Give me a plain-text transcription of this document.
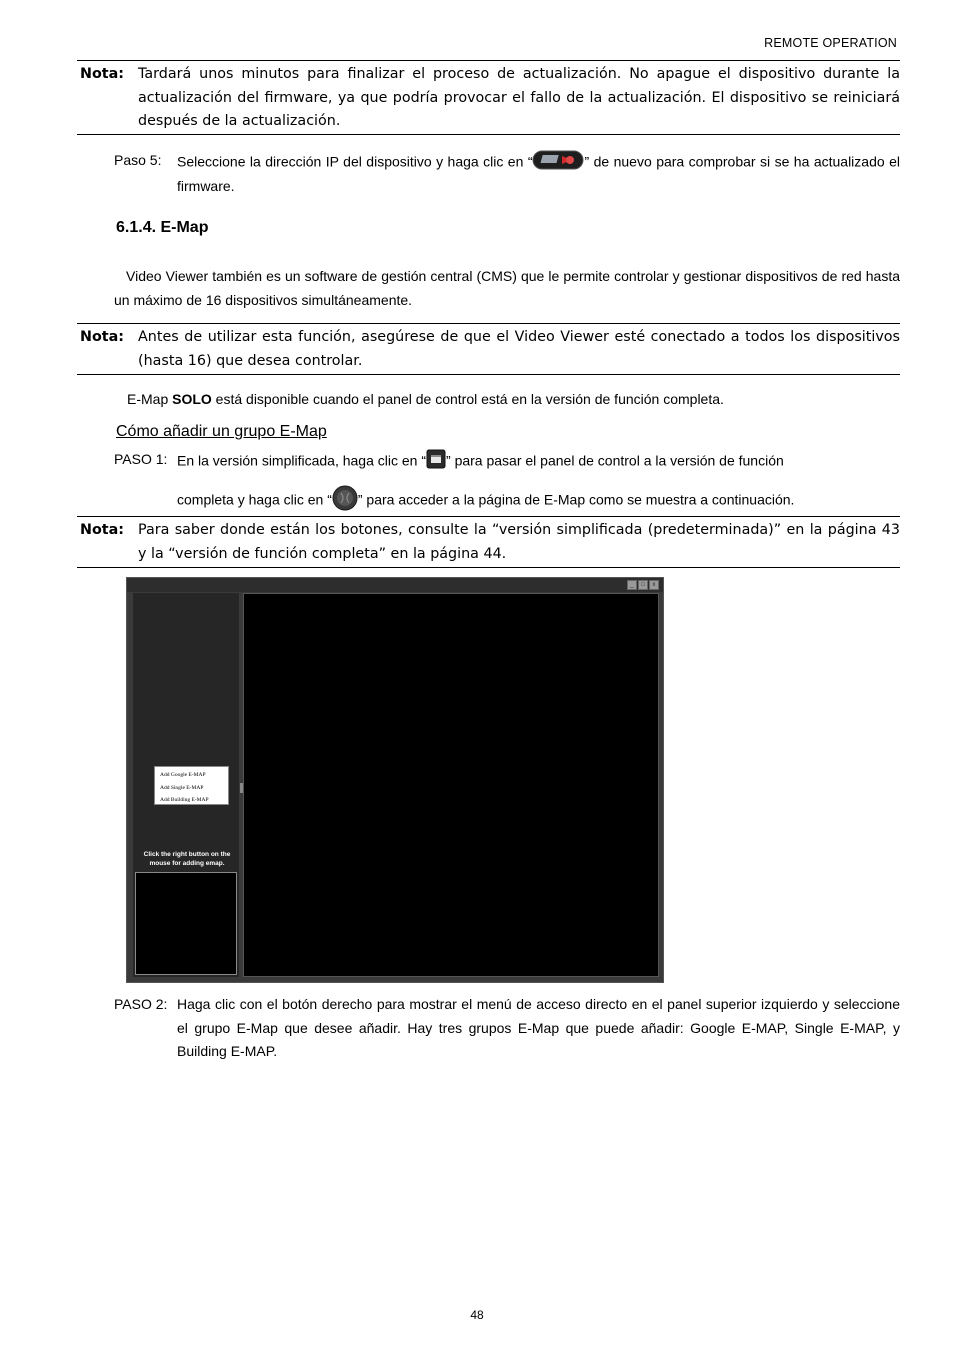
REMOTE OPERATION
Nota: Tardará unos minutos para finalizar el proceso de actualización. No apague el dispositivo durante la actualización del firmware, ya que podría provocar el fallo de la actualización. El dispositivo se reiniciará después de la actualización.
Paso 5: Seleccione la dirección IP del dispositivo y haga clic en “	” de nuevo para comprobar si se ha actualizado el firmware.
6.1.4. E-Map
Video Viewer también es un software de gestión central (CMS) que le permite controlar y gestionar dispositivos de red hasta un máximo de 16 dispositivos simultáneamente.
Nota: Antes de utilizar esta función, asegúrese de que el Video Viewer esté conectado a todos los dispositivos (hasta 16) que desea controlar.
E-Map SOLO está disponible cuando el panel de control está en la versión de función completa.
Cómo añadir un grupo E-Map
PASO 1: En la versión simplificada, haga clic en “ ” para pasar el panel de control a la versión de función
completa y haga clic en “ ” para acceder a la página de E-Map como se muestra a continuación.
Nota: Para saber donde están los botones, consulte la “versión simplificada (predeterminada)” en la página 43 y la “versión de función completa” en la página 44.
_	□	x
Add Google E-MAP
Add Single E-MAP
Add Building E-MAP
Click the right button on the mouse for adding emap.
PASO 2: Haga clic con el botón derecho para mostrar el menú de acceso directo en el panel superior izquierdo y seleccione el grupo E-Map que desee añadir. Hay tres grupos E-Map que puede añadir: Google E-MAP, Single E-MAP, y Building E-MAP.
48
